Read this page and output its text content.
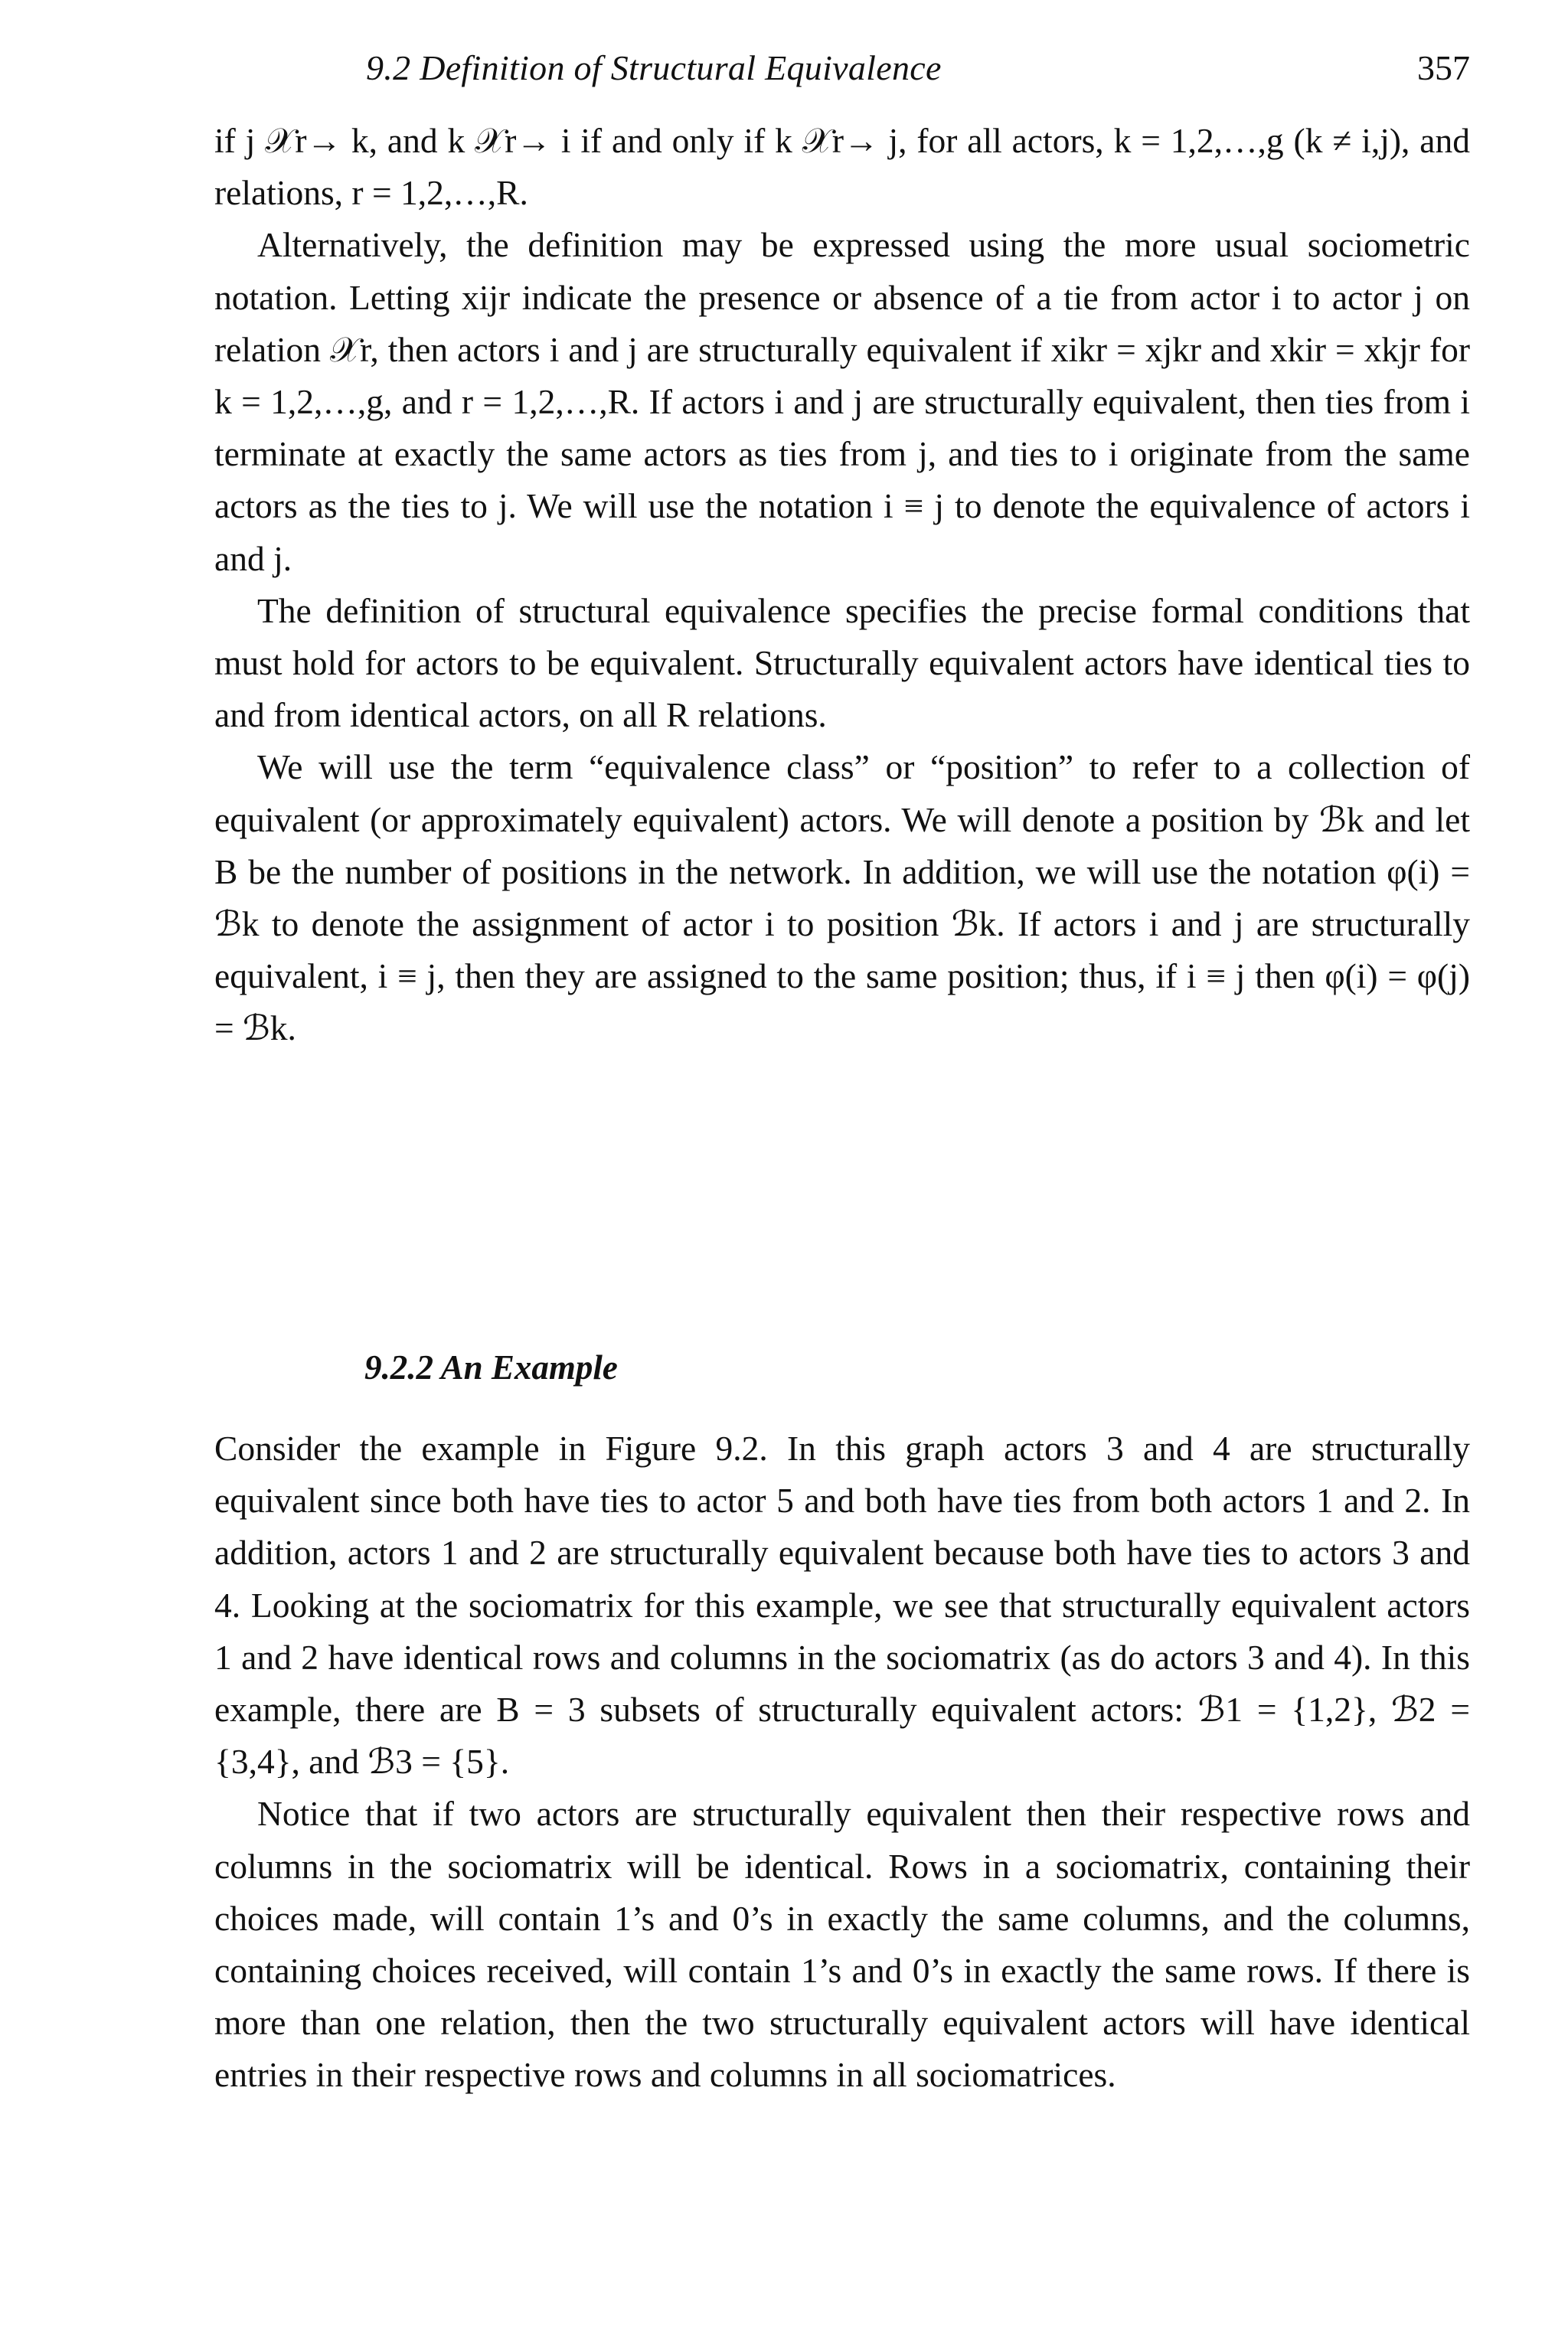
9.2 Definition of Structural Equivalence	357

if j 𝒳r→ k, and k 𝒳r→ i if and only if k 𝒳r→ j, for all actors, k = 1,2,…,g (k ≠ i,j), and relations, r = 1,2,…,R.

Alternatively, the definition may be expressed using the more usual sociometric notation. Letting xijr indicate the presence or absence of a tie from actor i to actor j on relation 𝒳r, then actors i and j are structurally equivalent if xikr = xjkr and xkir = xkjr for k = 1,2,…,g, and r = 1,2,…,R. If actors i and j are structurally equivalent, then ties from i terminate at exactly the same actors as ties from j, and ties to i originate from the same actors as the ties to j. We will use the notation i ≡ j to denote the equivalence of actors i and j.

The definition of structural equivalence specifies the precise formal conditions that must hold for actors to be equivalent. Structurally equivalent actors have identical ties to and from identical actors, on all R relations.

We will use the term “equivalence class” or “position” to refer to a collection of equivalent (or approximately equivalent) actors. We will denote a position by ℬk and let B be the number of positions in the network. In addition, we will use the notation φ(i) = ℬk to denote the assignment of actor i to position ℬk. If actors i and j are structurally equivalent, i ≡ j, then they are assigned to the same position; thus, if i ≡ j then φ(i) = φ(j) = ℬk.

9.2.2 An Example

Consider the example in Figure 9.2. In this graph actors 3 and 4 are structurally equivalent since both have ties to actor 5 and both have ties from both actors 1 and 2. In addition, actors 1 and 2 are structurally equivalent because both have ties to actors 3 and 4. Looking at the sociomatrix for this example, we see that structurally equivalent actors 1 and 2 have identical rows and columns in the sociomatrix (as do actors 3 and 4). In this example, there are B = 3 subsets of structurally equivalent actors: ℬ1 = {1,2}, ℬ2 = {3,4}, and ℬ3 = {5}.

Notice that if two actors are structurally equivalent then their respective rows and columns in the sociomatrix will be identical. Rows in a sociomatrix, containing their choices made, will contain 1’s and 0’s in exactly the same columns, and the columns, containing choices received, will contain 1’s and 0’s in exactly the same rows. If there is more than one relation, then the two structurally equivalent actors will have identical entries in their respective rows and columns in all sociomatrices.
